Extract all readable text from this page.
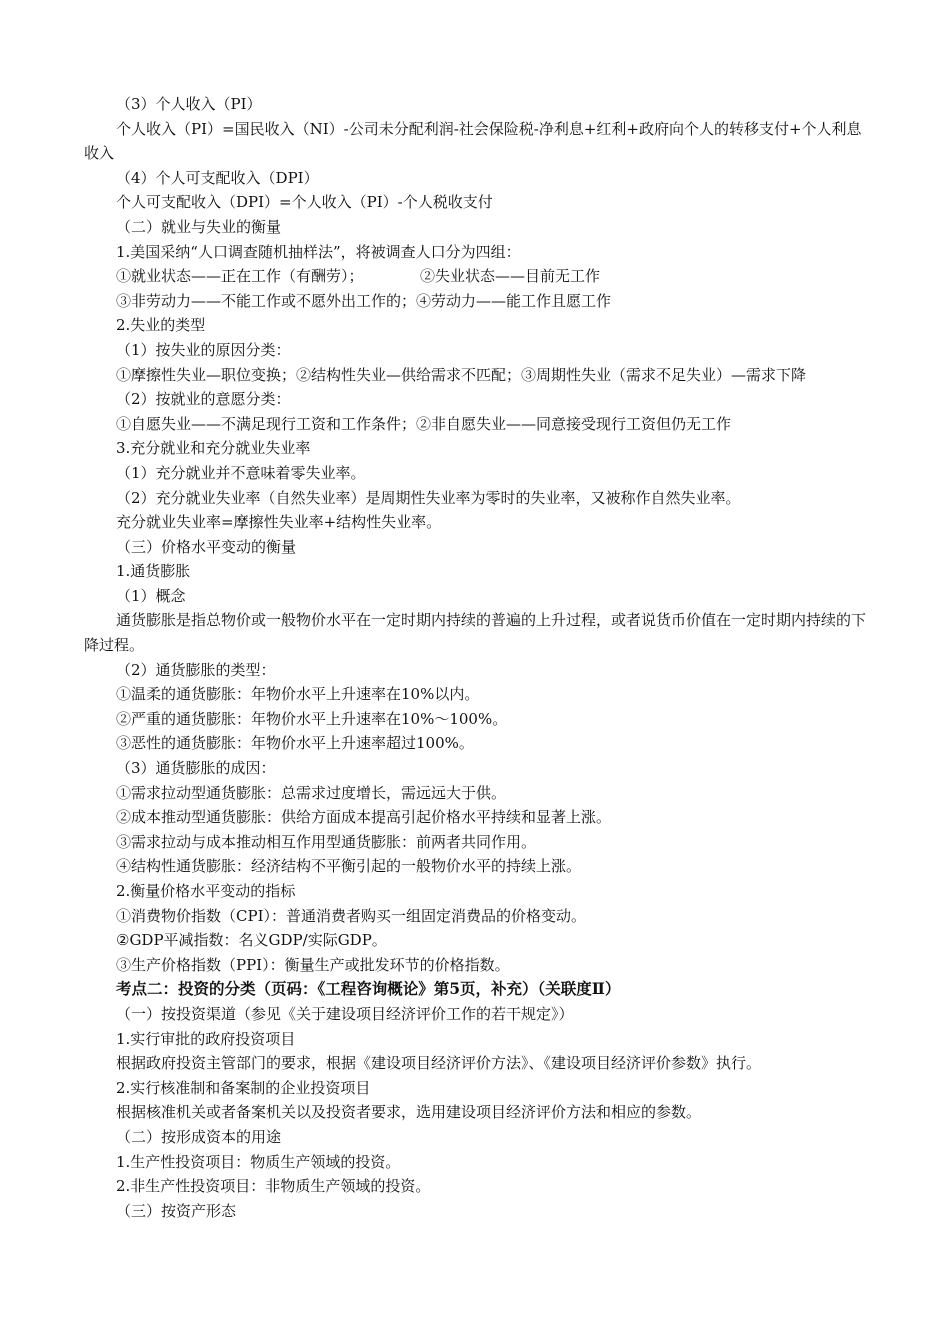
（3）个人收入（PI）

个人收入（PI）=国民收入（NI）-公司未分配利润-社会保险税-净利息+红利+政府向个人的转移支付+个人利息收入

（4）个人可支配收入（DPI）

个人可支配收入（DPI）=个人收入（PI）-个人税收支付

（二）就业与失业的衡量

1.美国采纳“人口调查随机抽样法”，将被调查人口分为四组：

①就业状态——正在工作（有酬劳）；	②失业状态——目前无工作

③非劳动力——不能工作或不愿外出工作的；④劳动力——能工作且愿工作

2.失业的类型

（1）按失业的原因分类：

①摩擦性失业—职位变换；②结构性失业—供给需求不匹配；③周期性失业（需求不足失业）—需求下降

（2）按就业的意愿分类：

①自愿失业——不满足现行工资和工作条件；②非自愿失业——同意接受现行工资但仍无工作

3.充分就业和充分就业失业率

（1）充分就业并不意味着零失业率。

（2）充分就业失业率（自然失业率）是周期性失业率为零时的失业率，又被称作自然失业率。

充分就业失业率=摩擦性失业率+结构性失业率。

（三）价格水平变动的衡量

1.通货膨胀

（1）概念

通货膨胀是指总物价或一般物价水平在一定时期内持续的普遍的上升过程，或者说货币价值在一定时期内持续的下降过程。

（2）通货膨胀的类型：

①温柔的通货膨胀：年物价水平上升速率在10%以内。

②严重的通货膨胀：年物价水平上升速率在10%～100%。

③恶性的通货膨胀：年物价水平上升速率超过100%。

（3）通货膨胀的成因：

①需求拉动型通货膨胀：总需求过度增长，需远远大于供。

②成本推动型通货膨胀：供给方面成本提高引起价格水平持续和显著上涨。

③需求拉动与成本推动相互作用型通货膨胀：前两者共同作用。

④结构性通货膨胀：经济结构不平衡引起的一般物价水平的持续上涨。

2.衡量价格水平变动的指标

①消费物价指数（CPI）：普通消费者购买一组固定消费品的价格变动。

②GDP平减指数：名义GDP/实际GDP。

③生产价格指数（PPI）：衡量生产或批发环节的价格指数。

考点二：投资的分类（页码：《工程咨询概论》第5页，补充）（关联度Ⅱ）

（一）按投资渠道（参见《关于建设项目经济评价工作的若干规定》）

1.实行审批的政府投资项目

根据政府投资主管部门的要求，根据《建设项目经济评价方法》、《建设项目经济评价参数》执行。

2.实行核准制和备案制的企业投资项目

根据核准机关或者备案机关以及投资者要求，选用建设项目经济评价方法和相应的参数。

（二）按形成资本的用途

1.生产性投资项目：物质生产领域的投资。

2.非生产性投资项目：非物质生产领域的投资。

（三）按资产形态
